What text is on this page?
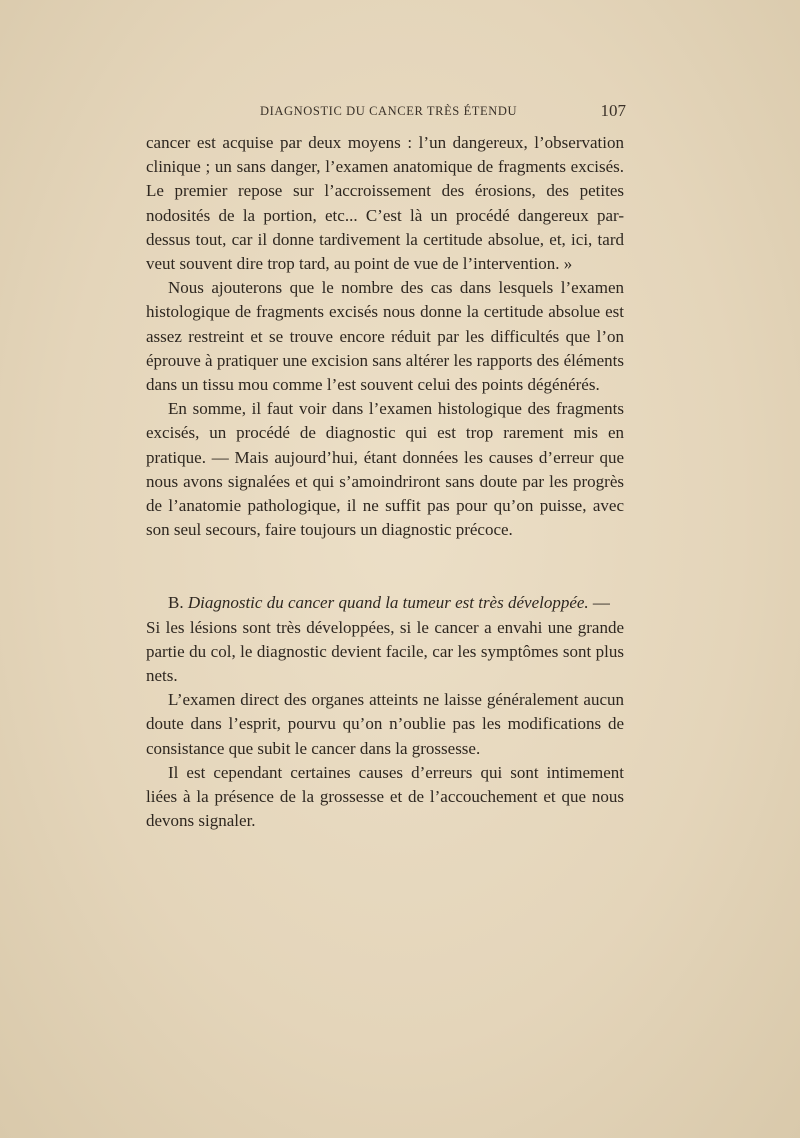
DIAGNOSTIC DU CANCER TRÈS ÉTENDU	107

cancer est acquise par deux moyens : l’un dangereux, l’observation clinique ; un sans danger, l’examen anatomique de fragments excisés. Le premier repose sur l’accroissement des érosions, des petites nodosités de la portion, etc... C’est là un procédé dangereux par-dessus tout, car il donne tardivement la certitude absolue, et, ici, tard veut souvent dire trop tard, au point de vue de l’intervention. »

Nous ajouterons que le nombre des cas dans lesquels l’examen histologique de fragments excisés nous donne la certitude absolue est assez restreint et se trouve encore réduit par les difficultés que l’on éprouve à pratiquer une excision sans altérer les rapports des éléments dans un tissu mou comme l’est souvent celui des points dégénérés.

En somme, il faut voir dans l’examen histologique des fragments excisés, un procédé de diagnostic qui est trop rarement mis en pratique. — Mais aujourd’hui, étant données les causes d’erreur que nous avons signalées et qui s’amoindriront sans doute par les progrès de l’anatomie pathologique, il ne suffit pas pour qu’on puisse, avec son seul secours, faire toujours un diagnostic précoce.

B. Diagnostic du cancer quand la tumeur est très développée. —

Si les lésions sont très développées, si le cancer a envahi une grande partie du col, le diagnostic devient facile, car les symptômes sont plus nets.

L’examen direct des organes atteints ne laisse généralement aucun doute dans l’esprit, pourvu qu’on n’oublie pas les modifications de consistance que subit le cancer dans la grossesse.

Il est cependant certaines causes d’erreurs qui sont intimement liées à la présence de la grossesse et de l’accouchement et que nous devons signaler.
